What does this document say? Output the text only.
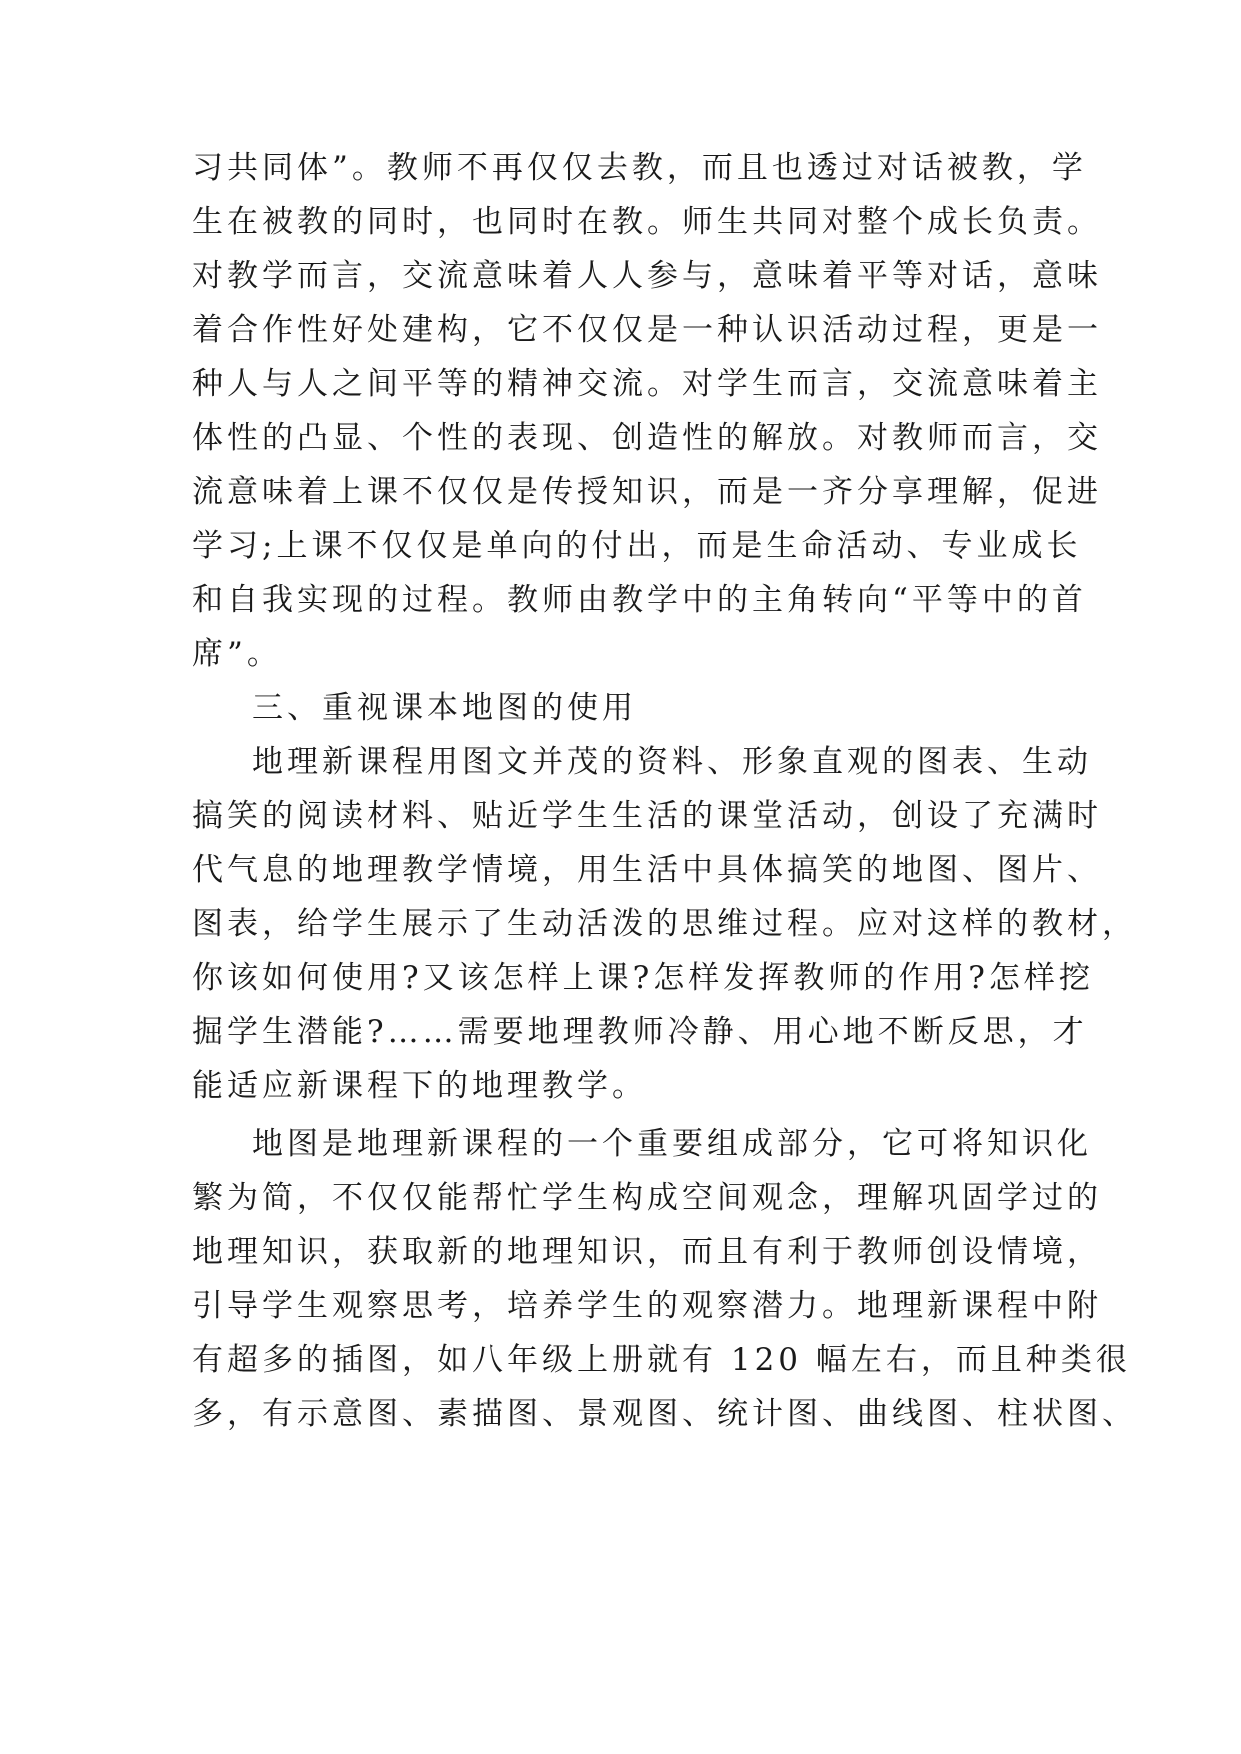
习共同体”。教师不再仅仅去教，而且也透过对话被教，学
生在被教的同时，也同时在教。师生共同对整个成长负责。
对教学而言，交流意味着人人参与，意味着平等对话，意味
着合作性好处建构，它不仅仅是一种认识活动过程，更是一
种人与人之间平等的精神交流。对学生而言，交流意味着主
体性的凸显、个性的表现、创造性的解放。对教师而言，交
流意味着上课不仅仅是传授知识，而是一齐分享理解，促进
学习;上课不仅仅是单向的付出，而是生命活动、专业成长
和自我实现的过程。教师由教学中的主角转向“平等中的首
席”。
三、重视课本地图的使用
地理新课程用图文并茂的资料、形象直观的图表、生动
搞笑的阅读材料、贴近学生生活的课堂活动，创设了充满时
代气息的地理教学情境，用生活中具体搞笑的地图、图片、
图表，给学生展示了生动活泼的思维过程。应对这样的教材，
你该如何使用?又该怎样上课?怎样发挥教师的作用?怎样挖
掘学生潜能?……需要地理教师冷静、用心地不断反思，才
能适应新课程下的地理教学。
地图是地理新课程的一个重要组成部分，它可将知识化
繁为简，不仅仅能帮忙学生构成空间观念，理解巩固学过的
地理知识，获取新的地理知识，而且有利于教师创设情境，
引导学生观察思考，培养学生的观察潜力。地理新课程中附
有超多的插图，如八年级上册就有 120 幅左右，而且种类很
多，有示意图、素描图、景观图、统计图、曲线图、柱状图、
